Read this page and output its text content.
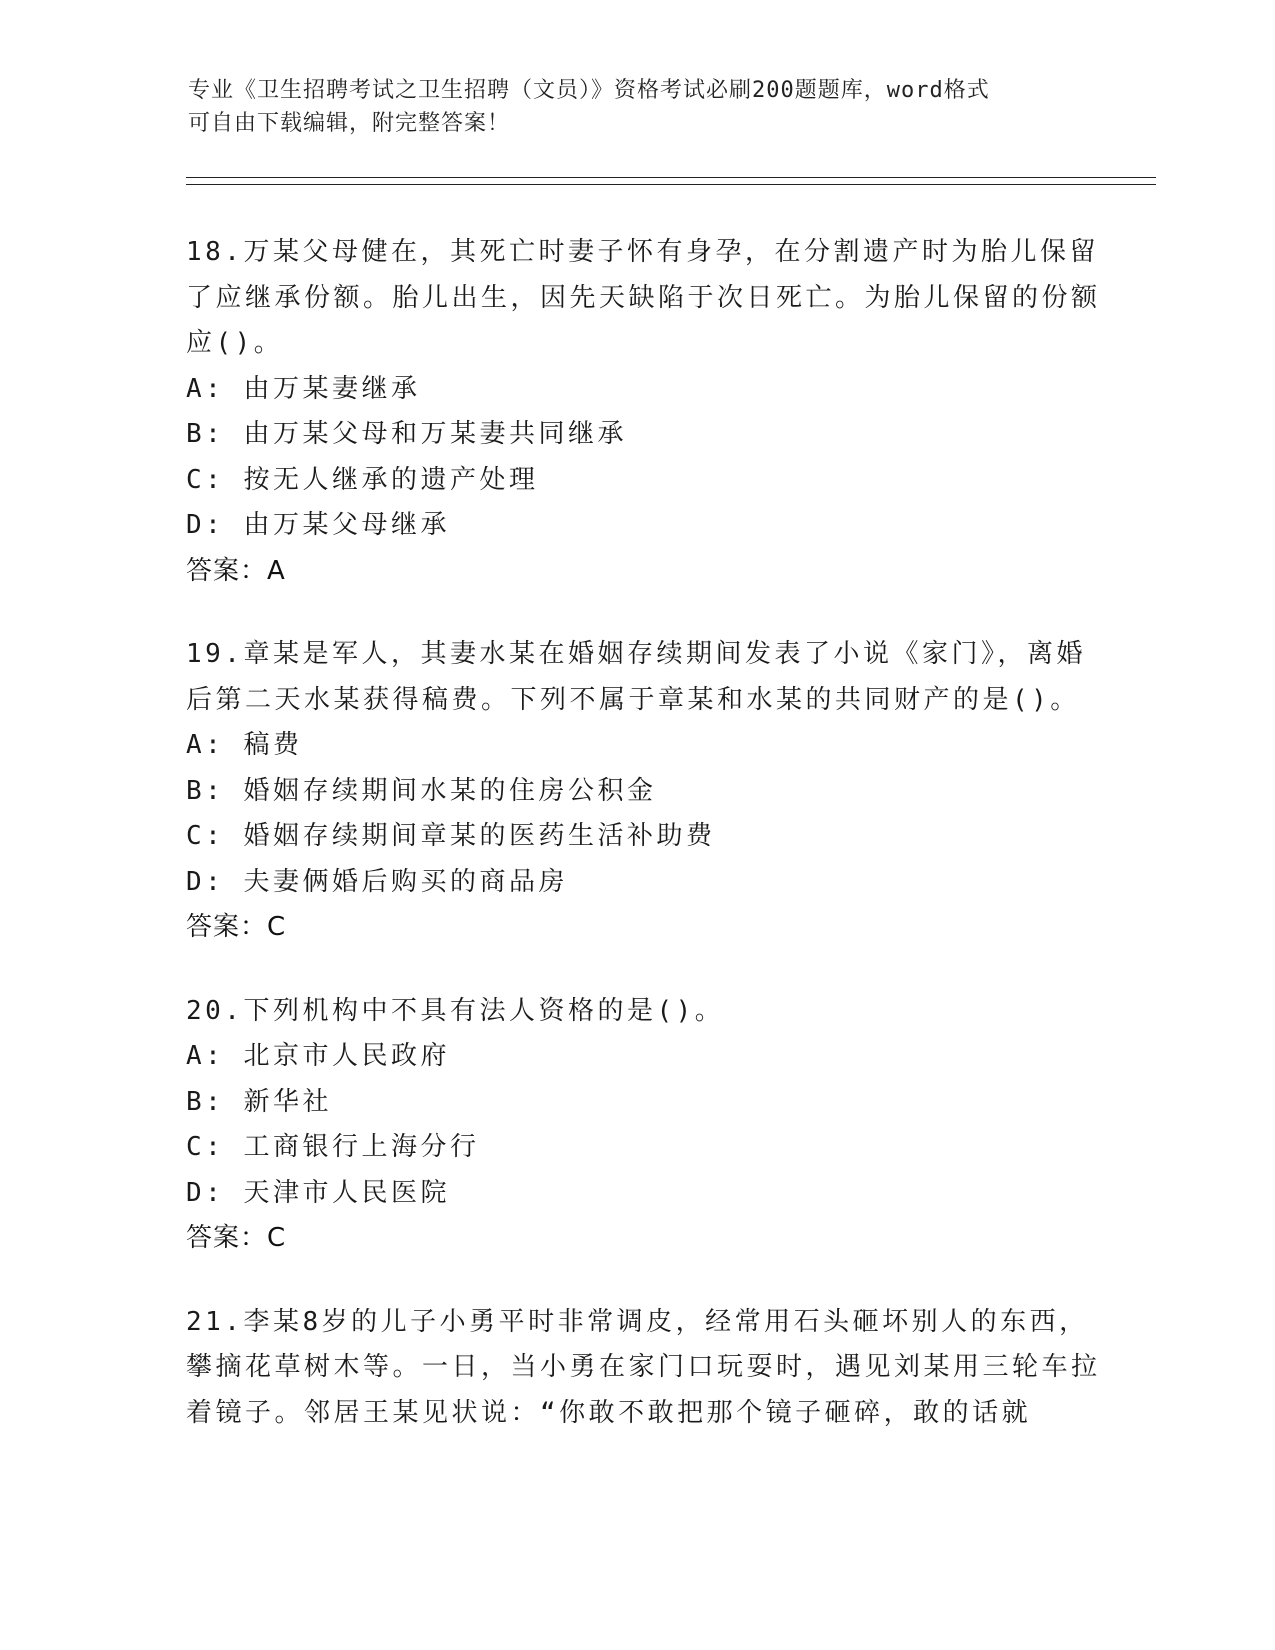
专业《卫生招聘考试之卫生招聘（文员）》资格考试必刷200题题库，word格式
可自由下载编辑，附完整答案！

18.万某父母健在，其死亡时妻子怀有身孕，在分割遗产时为胎儿保留了应继承份额。胎儿出生，因先天缺陷于次日死亡。为胎儿保留的份额应()。

A: 由万某妻继承

B: 由万某父母和万某妻共同继承

C: 按无人继承的遗产处理

D: 由万某父母继承

答案：A

19.章某是军人，其妻水某在婚姻存续期间发表了小说《家门》，离婚后第二天水某获得稿费。下列不属于章某和水某的共同财产的是()。

A: 稿费

B: 婚姻存续期间水某的住房公积金

C: 婚姻存续期间章某的医药生活补助费

D: 夫妻俩婚后购买的商品房

答案：C

20.下列机构中不具有法人资格的是()。

A: 北京市人民政府

B: 新华社

C: 工商银行上海分行

D: 天津市人民医院

答案：C

21.李某8岁的儿子小勇平时非常调皮，经常用石头砸坏别人的东西，攀摘花草树木等。一日，当小勇在家门口玩耍时，遇见刘某用三轮车拉着镜子。邻居王某见状说：“你敢不敢把那个镜子砸碎，敢的话就
